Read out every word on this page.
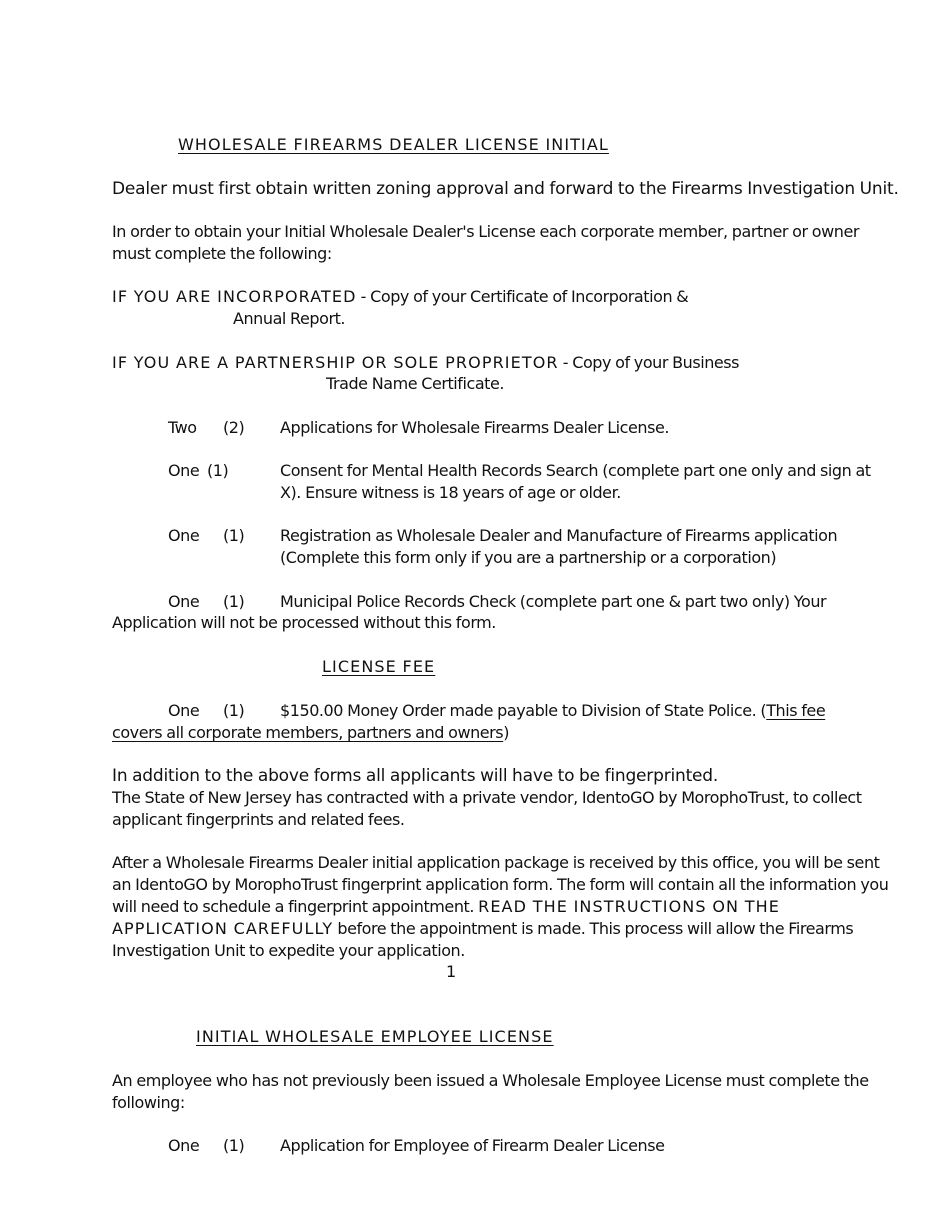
WHOLESALE FIREARMS DEALER LICENSE INITIAL
Dealer must first obtain written zoning approval and forward to the Firearms Investigation Unit.
In order to obtain your Initial Wholesale Dealer's License each corporate member, partner or owner must complete the following:
IF YOU ARE INCORPORATED - Copy of your Certificate of Incorporation &
Annual Report.
IF YOU ARE A PARTNERSHIP OR SOLE PROPRIETOR - Copy of your Business
Trade Name Certificate.
Two (2) Applications for Wholesale Firearms Dealer License.
One (1)	Consent for Mental Health Records Search (complete part one only and sign at
X). Ensure witness is 18 years of age or older.
One (1) Registration as Wholesale Dealer and Manufacture of Firearms application
(Complete this form only if you are a partnership or a corporation)
One (1) Municipal Police Records Check (complete part one & part two only) Your
Application will not be processed without this form.
LICENSE FEE
One (1) $150.00 Money Order made payable to Division of State Police. (This fee
covers all corporate members, partners and owners)
In addition to the above forms all applicants will have to be fingerprinted.
The State of New Jersey has contracted with a private vendor, IdentoGO by MorophoTrust, to collect applicant fingerprints and related fees.
After a Wholesale Firearms Dealer initial application package is received by this office, you will be sent an IdentoGO by MorophoTrust fingerprint application form. The form will contain all the information you will need to schedule a fingerprint appointment. READ THE INSTRUCTIONS ON THE APPLICATION CAREFULLY before the appointment is made. This process will allow the Firearms Investigation Unit to expedite your application.
1
INITIAL WHOLESALE EMPLOYEE LICENSE
An employee who has not previously been issued a Wholesale Employee License must complete the following:
One (1) Application for Employee of Firearm Dealer License
